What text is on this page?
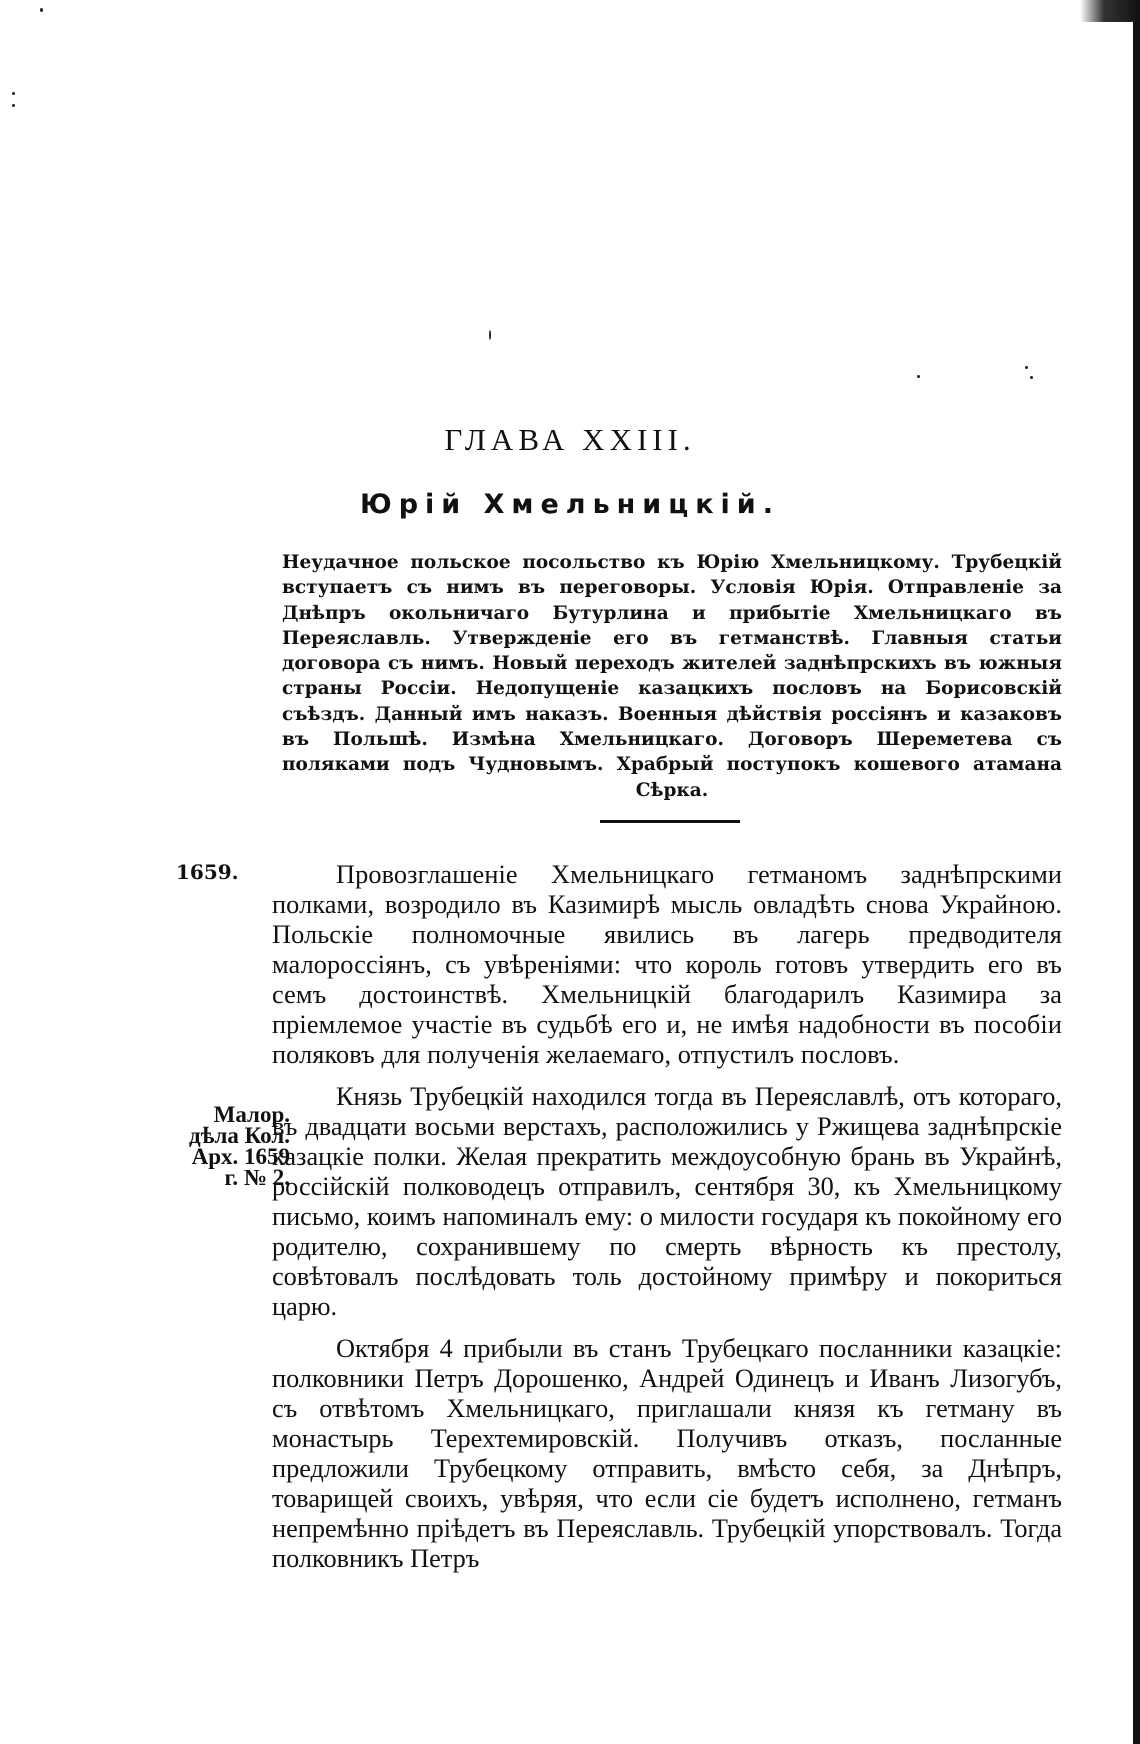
ГЛАВА XXIII.
Юрій Хмельницкій.
Неудачное польское посольство къ Юрію Хмельницкому. Трубецкій вступаетъ съ нимъ въ переговоры. Условія Юрія. Отправленіе за Днѣпръ окольничаго Бутурлина и прибытіе Хмельницкаго въ Переяславль. Утвержденіе его въ гетманствѣ. Главныя статьи договора съ нимъ. Новый переходъ жителей заднѣпрскихъ въ южныя страны Россіи. Недопущеніе казацкихъ пословъ на Борисовскій съѣздъ. Данный имъ наказъ. Военныя дѣйствія россіянъ и казаковъ въ Польшѣ. Измѣна Хмельницкаго. Договоръ Шереметева съ поляками подъ Чудновымъ. Храбрый поступокъ кошевого атамана Сѣрка.
1659.
Малор.
дѣла Кол.
Арх. 1659
г. № 2.

Провозглашеніе Хмельницкаго гетманомъ заднѣпрскими полками, возродило въ Казимирѣ мысль овладѣть снова Украйною. Польскіе полномочные явились въ лагерь предводителя малороссіянъ, съ увѣреніями: что король готовъ утвердить его въ семъ достоинствѣ. Хмельницкій благодарилъ Казимира за пріемлемое участіе въ судьбѣ его и, не имѣя надобности въ пособіи поляковъ для полученія желаемаго, отпустилъ пословъ.

Князь Трубецкій находился тогда въ Переяславлѣ, отъ котораго, въ двадцати восьми верстахъ, расположились у Ржищева заднѣпрскіе казацкіе полки. Желая прекратить междоусобную брань въ Украйнѣ, россійскій полководецъ отправилъ, сентября 30, къ Хмельницкому письмо, коимъ напоминалъ ему: о милости государя къ покойному его родителю, сохранившему по смерть вѣрность къ престолу, совѣтовалъ послѣдовать толь достойному примѣру и покориться царю.

Октября 4 прибыли въ станъ Трубецкаго посланники казацкіе: полковники Петръ Дорошенко, Андрей Одинецъ и Иванъ Лизогубъ, съ отвѣтомъ Хмельницкаго, приглашали князя къ гетману въ монастырь Терехтемировскій. Получивъ отказъ, посланные предложили Трубецкому отправить, вмѣсто себя, за Днѣпръ, товарищей своихъ, увѣряя, что если сіе будетъ исполнено, гетманъ непремѣнно пріѣдетъ въ Переяславль. Трубецкій упорствовалъ. Тогда полковникъ Петръ
